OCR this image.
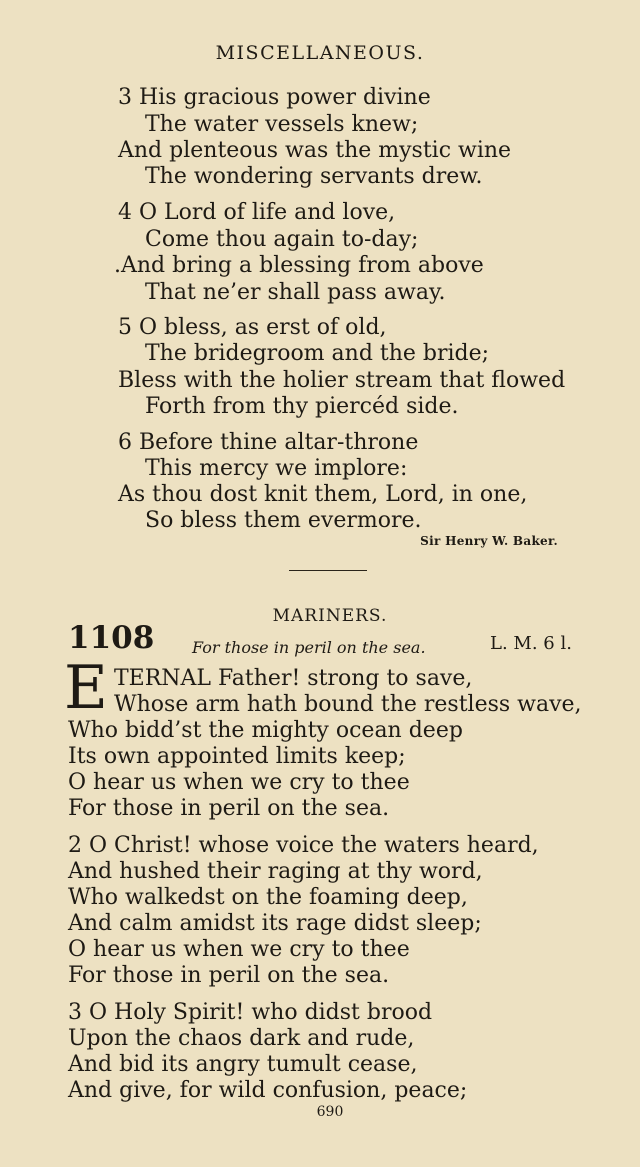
MISCELLANEOUS.
3 His gracious power divine
The water vessels knew;
And plenteous was the mystic wine
The wondering servants drew.
4 O Lord of life and love,
Come thou again to-day;
.And bring a blessing from above
That ne’er shall pass away.
5 O bless, as erst of old,
The bridegroom and the bride;
Bless with the holier stream that flowed
Forth from thy piercéd side.
6 Before thine altar-throne
This mercy we implore:
As thou dost knit them, Lord, in one,
So bless them evermore.
Sir Henry W. Baker.
MARINERS.
1108 For those in peril on the sea.	L. M. 6 l.
E TERNAL Father! strong to save,
Whose arm hath bound the restless wave,
Who bidd’st the mighty ocean deep
Its own appointed limits keep;
O hear us when we cry to thee
For those in peril on the sea.
2 O Christ! whose voice the waters heard,
And hushed their raging at thy word,
Who walkedst on the foaming deep,
And calm amidst its rage didst sleep;
O hear us when we cry to thee
For those in peril on the sea.
3 O Holy Spirit! who didst brood
Upon the chaos dark and rude,
And bid its angry tumult cease,
And give, for wild confusion, peace;
690
